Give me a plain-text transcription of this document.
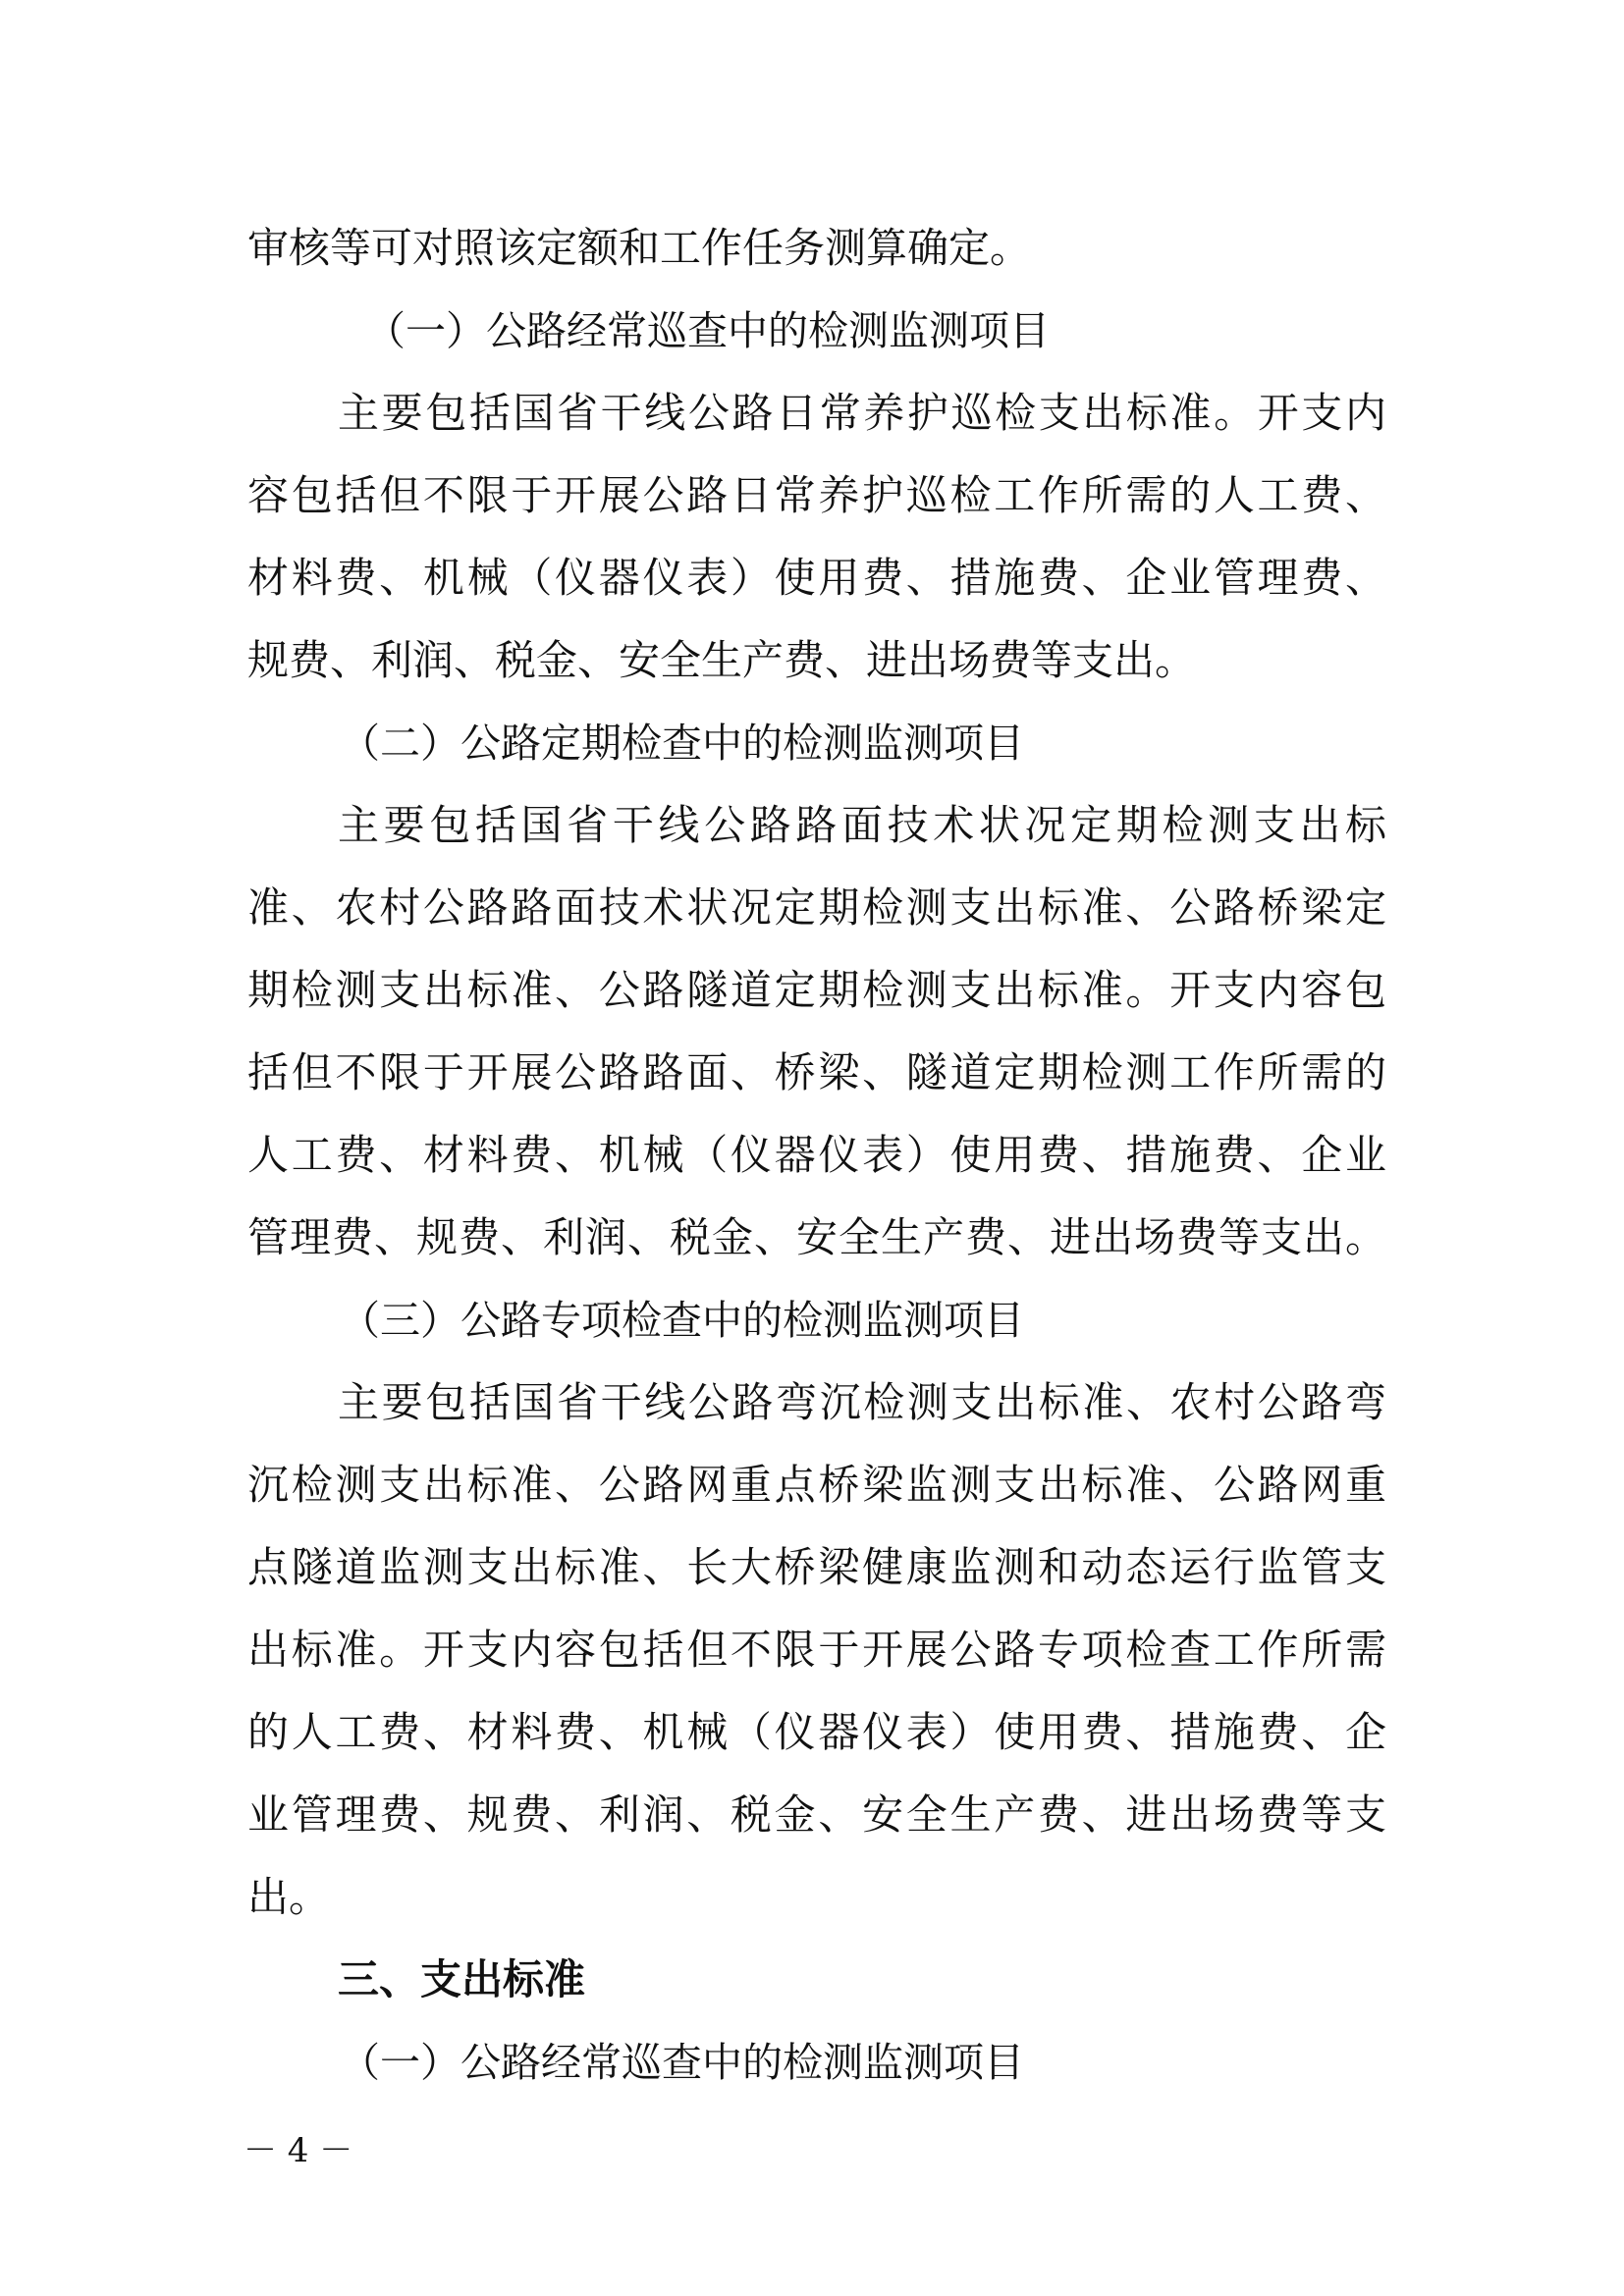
审核等可对照该定额和工作任务测算确定。
（一）公路经常巡查中的检测监测项目
主要包括国省干线公路日常养护巡检支出标准。开支内
容包括但不限于开展公路日常养护巡检工作所需的人工费、
材料费、机械（仪器仪表）使用费、措施费、企业管理费、
规费、利润、税金、安全生产费、进出场费等支出。
（二）公路定期检查中的检测监测项目
主要包括国省干线公路路面技术状况定期检测支出标
准、农村公路路面技术状况定期检测支出标准、公路桥梁定
期检测支出标准、公路隧道定期检测支出标准。开支内容包
括但不限于开展公路路面、桥梁、隧道定期检测工作所需的
人工费、材料费、机械（仪器仪表）使用费、措施费、企业
管理费、规费、利润、税金、安全生产费、进出场费等支出。
（三）公路专项检查中的检测监测项目
主要包括国省干线公路弯沉检测支出标准、农村公路弯
沉检测支出标准、公路网重点桥梁监测支出标准、公路网重
点隧道监测支出标准、长大桥梁健康监测和动态运行监管支
出标准。开支内容包括但不限于开展公路专项检查工作所需
的人工费、材料费、机械（仪器仪表）使用费、措施费、企
业管理费、规费、利润、税金、安全生产费、进出场费等支
出。
三、支出标准
（一）公路经常巡查中的检测监测项目
－ 4 －
